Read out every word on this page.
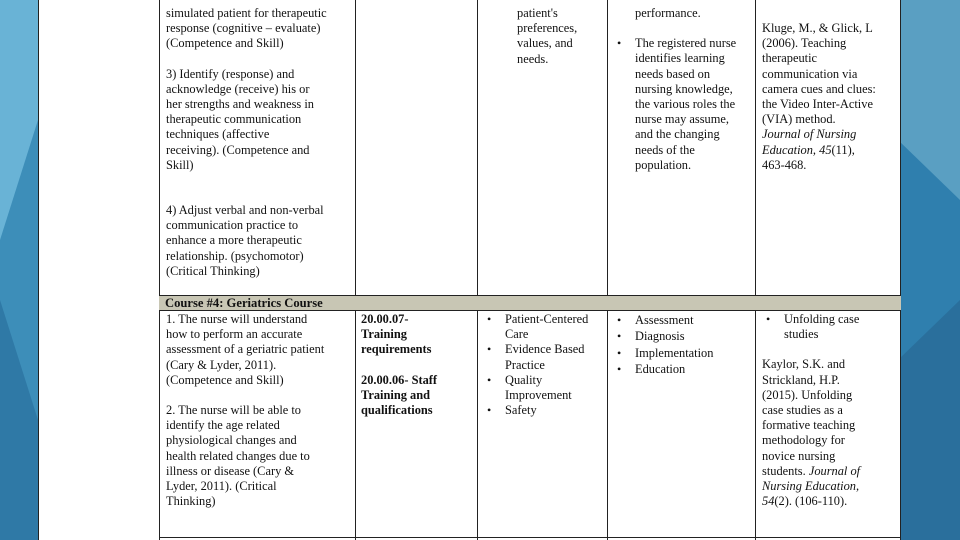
simulated patient for therapeutic

response (cognitive – evaluate)

(Competence and Skill)

3) Identify (response) and

acknowledge (receive) his or

her strengths and weakness in

therapeutic communication

techniques (affective

receiving). (Competence and

Skill)

4) Adjust verbal and non-verbal

communication practice to

enhance a more therapeutic

relationship. (psychomotor)

(Critical Thinking)

patient's

preferences,

values, and

needs.

performance.

• The registered nurse

identifies learning

needs based on

nursing knowledge,

the various roles the

nurse may assume,

and the changing

needs of the

population.

Kluge, M., & Glick, L

(2006). Teaching

therapeutic

communication via

camera cues and clues:

the Video Inter-Active

(VIA) method.

Journal of Nursing

Education, 45(11),

463-468.

Course #4: Geriatrics Course

1. The nurse will understand

how to perform an accurate

assessment of a geriatric patient

(Cary & Lyder, 2011).

(Competence and Skill)

2. The nurse will be able to

identify the age related

physiological changes and

health related changes due to

illness or disease (Cary &

Lyder, 2011). (Critical

Thinking)

20.00.07-

Training

requirements

20.00.06- Staff

Training and

qualifications

• Patient-Centered

Care

• Evidence Based

Practice

• Quality

Improvement

• Safety

• Assessment
• Diagnosis
• Implementation
• Education

• Unfolding case

studies

Kaylor, S.K. and

Strickland, H.P.

(2015). Unfolding

case studies as a

formative teaching

methodology for

novice nursing

students. Journal of

Nursing Education,

54(2). (106-110).
